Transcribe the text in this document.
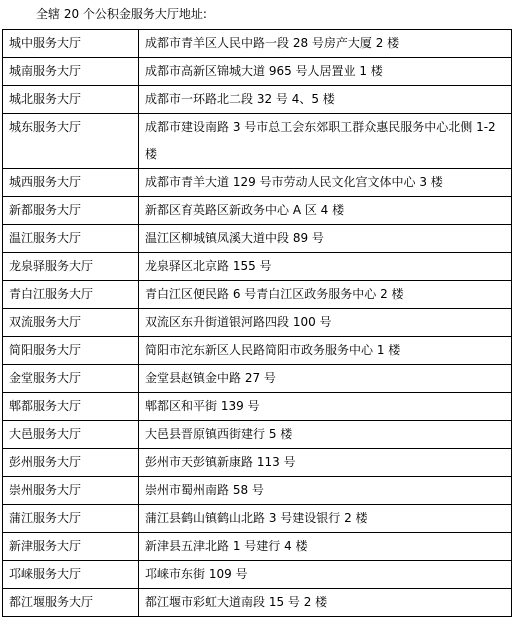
全辖 20 个公积金服务大厅地址:
城中服务大厅	成都市青羊区人民中路一段 28 号房产大厦 2 楼
城南服务大厅	成都市高新区锦城大道 965 号人居置业 1 楼
城北服务大厅	成都市一环路北二段 32 号 4、5 楼
城东服务大厅	成都市建设南路 3 号市总工会东郊职工群众惠民服务中心北侧 1-2 楼
城西服务大厅	成都市青羊大道 129 号市劳动人民文化宫文体中心 3 楼
新都服务大厅	新都区育英路区新政务中心 A 区 4 楼
温江服务大厅	温江区柳城镇凤溪大道中段 89 号
龙泉驿服务大厅	龙泉驿区北京路 155 号
青白江服务大厅	青白江区便民路 6 号青白江区政务服务中心 2 楼
双流服务大厅	双流区东升街道银河路四段 100 号
简阳服务大厅	简阳市沱东新区人民路简阳市政务服务中心 1 楼
金堂服务大厅	金堂县赵镇金中路 27 号
郫都服务大厅	郫都区和平街 139 号
大邑服务大厅	大邑县晋原镇西街建行 5 楼
彭州服务大厅	彭州市天彭镇新康路 113 号
崇州服务大厅	崇州市蜀州南路 58 号
蒲江服务大厅	蒲江县鹤山镇鹤山北路 3 号建设银行 2 楼
新津服务大厅	新津县五津北路 1 号建行 4 楼
邛崃服务大厅	邛崃市东街 109 号
都江堰服务大厅	都江堰市彩虹大道南段 15 号 2 楼
